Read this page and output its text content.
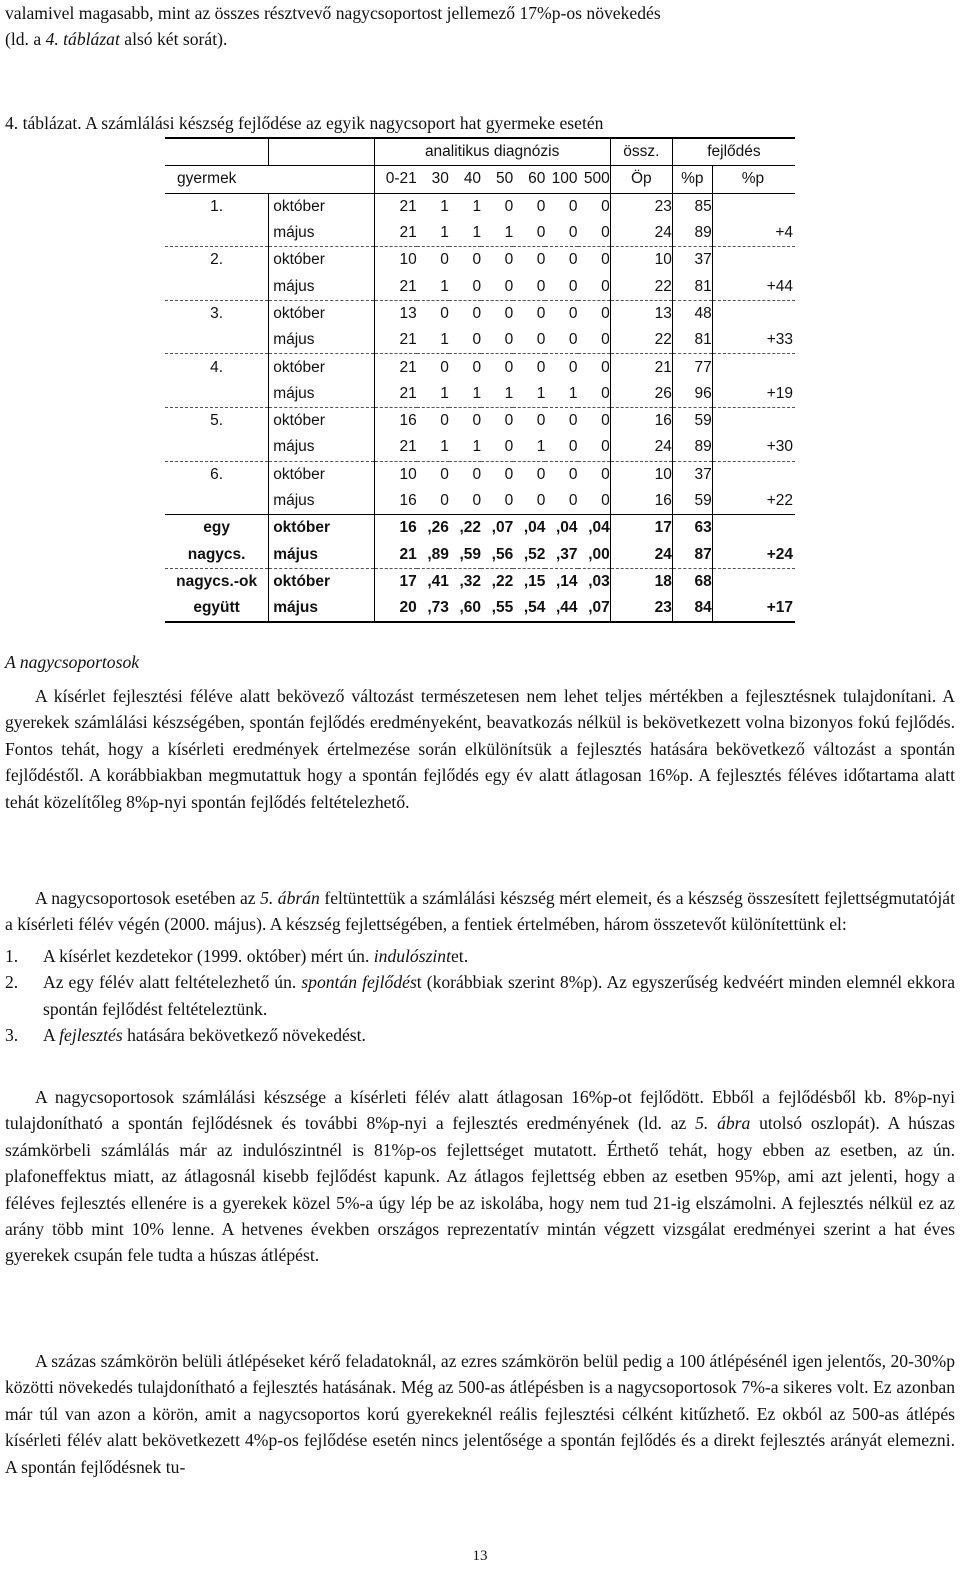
valamivel magasabb, mint az összes résztvevő nagycsoportost jellemező 17%p-os növekedés

(ld. a 4. táblázat alsó két sorát).

4. táblázat. A számlálási készség fejlődése az egyik nagycsoport hat gyermeke esetén

		analitikus diagnózis							össz.	fejlődés	
gyermek		0-21	30	40	50	60	100	500	Öp	%p	%p
1.	október	21	1	1	0	0	0	0	23	85	
	május	21	1	1	1	0	0	0	24	89	+4
2.	október	10	0	0	0	0	0	0	10	37	
	május	21	1	0	0	0	0	0	22	81	+44
3.	október	13	0	0	0	0	0	0	13	48	
	május	21	1	0	0	0	0	0	22	81	+33
4.	október	21	0	0	0	0	0	0	21	77	
	május	21	1	1	1	1	1	0	26	96	+19
5.	október	16	0	0	0	0	0	0	16	59	
	május	21	1	1	0	1	0	0	24	89	+30
6.	október	10	0	0	0	0	0	0	10	37	
	május	16	0	0	0	0	0	0	16	59	+22
egy	október	16	,26	,22	,07	,04	,04	,04	17	63	
nagycs.	május	21	,89	,59	,56	,52	,37	,00	24	87	+24
nagycs.-ok	október	17	,41	,32	,22	,15	,14	,03	18	68	
együtt	május	20	,73	,60	,55	,54	,44	,07	23	84	+17

A nagycsoportosok

A kísérlet fejlesztési féléve alatt bekövező változást természetesen nem lehet teljes mértékben a fejlesztésnek tulajdonítani. A gyerekek számlálási készségében, spontán fejlődés eredményeként, beavatkozás nélkül is bekövetkezett volna bizonyos fokú fejlődés. Fontos tehát, hogy a kísérleti eredmények értelmezése során elkülönítsük a fejlesztés hatására bekövetkező változást a spontán fejlődéstől. A korábbiakban megmutattuk hogy a spontán fejlődés egy év alatt átlagosan 16%p. A fejlesztés féléves időtartama alatt tehát közelítőleg 8%p-nyi spontán fejlődés feltételezhető.

A nagycsoportosok esetében az 5. ábrán feltüntettük a számlálási készség mért elemeit, és a készség összesített fejlettségmutatóját a kísérleti félév végén (2000. május). A készség fejlettségében, a fentiek értelmében, három összetevőt különítettünk el:

1. A kísérlet kezdetekor (1999. október) mért ún. indulószintet.
2.	Az egy félév alatt feltételezhető ún. spontán fejlődést (korábbiak szerint 8%p). Az egyszerűség kedvéért minden elemnél ekkora spontán fejlődést feltételeztünk.
3. A fejlesztés hatására bekövetkező növekedést.

A nagycsoportosok számlálási készsége a kísérleti félév alatt átlagosan 16%p-ot fejlődött. Ebből a fejlődésből kb. 8%p-nyi tulajdonítható a spontán fejlődésnek és további 8%p-nyi a fejlesztés eredményének (ld. az 5. ábra utolsó oszlopát). A húszas számkörbeli számlálás már az indulószintnél is 81%p-os fejlettséget mutatott. Érthető tehát, hogy ebben az esetben, az ún. plafoneffektus miatt, az átlagosnál kisebb fejlődést kapunk. Az átlagos fejlettség ebben az esetben 95%p, ami azt jelenti, hogy a féléves fejlesztés ellenére is a gyerekek közel 5%-a úgy lép be az iskolába, hogy nem tud 21-ig elszámolni. A fejlesztés nélkül ez az arány több mint 10% lenne. A hetvenes években országos reprezentatív mintán végzett vizsgálat eredményei szerint a hat éves gyerekek csupán fele tudta a húszas átlépést.

A százas számkörön belüli átlépéseket kérő feladatoknál, az ezres számkörön belül pedig a 100 átlépésénél igen jelentős, 20-30%p közötti növekedés tulajdonítható a fejlesztés hatásának. Még az 500-as átlépésben is a nagycsoportosok 7%-a sikeres volt. Ez azonban már túl van azon a körön, amit a nagycsoportos korú gyerekeknél reális fejlesztési célként kitűzhető. Ez okból az 500-as átlépés kísérleti félév alatt bekövetkezett 4%p-os fejlődése esetén nincs jelentősége a spontán fejlődés és a direkt fejlesztés arányát elemezni. A spontán fejlődésnek tu-

13
